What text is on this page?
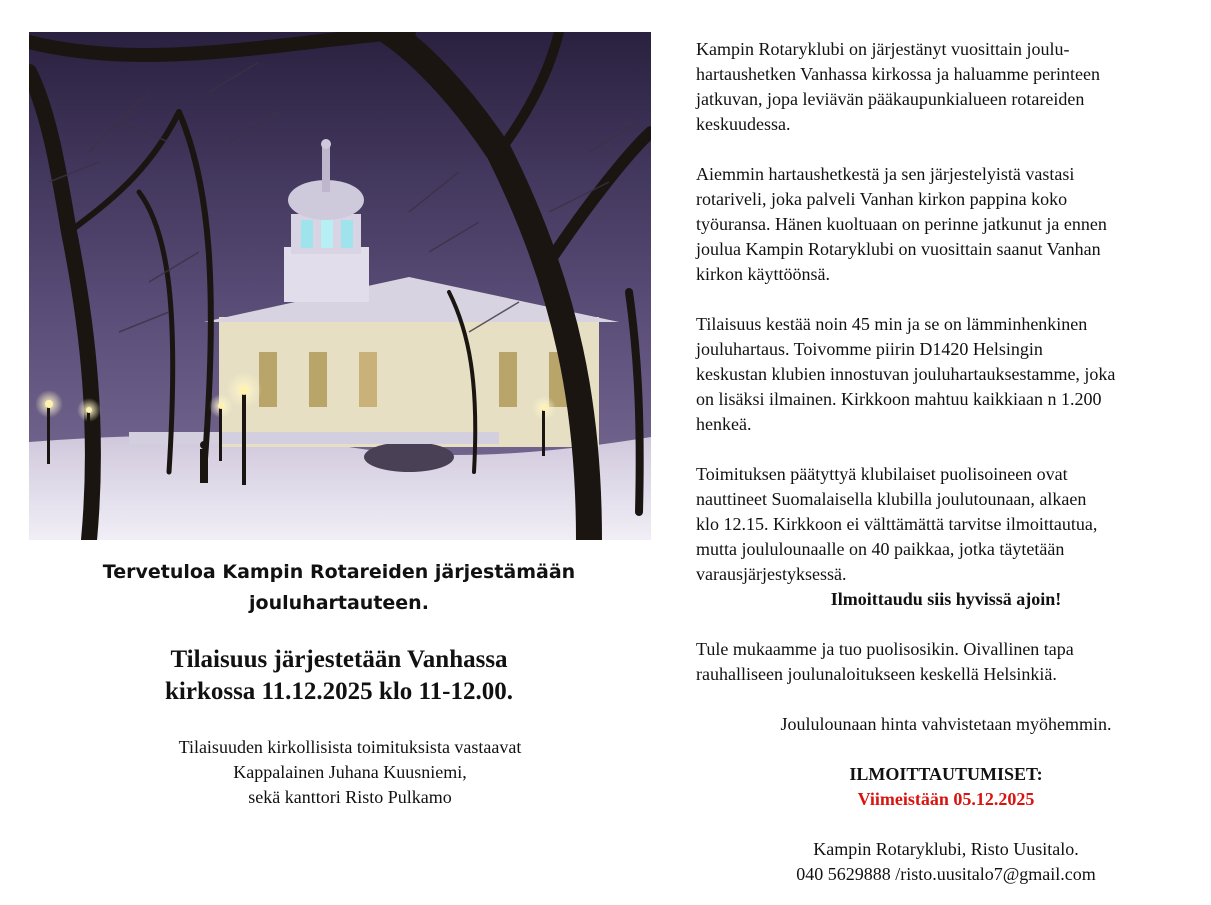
Tervetuloa Kampin Rotareiden järjestämään
jouluhartauteen.
Tilaisuus järjestetään Vanhassa
kirkossa 11.12.2025 klo 11-12.00.
Tilaisuuden kirkollisista toimituksista vastaavat
Kappalainen Juhana Kuusniemi,
sekä kanttori Risto Pulkamo

Kampin Rotaryklubi on järjestänyt vuosittain joulu-
hartaushetken Vanhassa kirkossa ja haluamme perinteen
jatkuvan, jopa leviävän pääkaupunkialueen rotareiden
keskuudessa.

Aiemmin hartaushetkestä ja sen järjestelyistä vastasi
rotariveli, joka palveli Vanhan kirkon pappina koko
työuransa. Hänen kuoltuaan on perinne jatkunut ja ennen
joulua Kampin Rotaryklubi on vuosittain saanut Vanhan
kirkon käyttöönsä.

Tilaisuus kestää noin 45 min ja se on lämminhenkinen
jouluhartaus. Toivomme piirin D1420 Helsingin
keskustan klubien innostuvan jouluhartauksestamme, joka
on lisäksi ilmainen. Kirkkoon mahtuu kaikkiaan n 1.200
henkeä.

Toimituksen päätyttyä klubilaiset puolisoineen ovat
nauttineet Suomalaisella klubilla joulutounaan, alkaen
klo 12.15. Kirkkoon ei välttämättä tarvitse ilmoittautua,
mutta joululounaalle on 40 paikkaa, jotka täytetään
varausjärjestyksessä.

Ilmoittaudu siis hyvissä ajoin!

Tule mukaamme ja tuo puolisosikin. Oivallinen tapa
rauhalliseen joulunaloitukseen keskellä Helsinkiä.

Joululounaan hinta vahvistetaan myöhemmin.

ILMOITTAUTUMISET:

Viimeistään 05.12.2025

Kampin Rotaryklubi, Risto Uusitalo.

040 5629888 /risto.uusitalo7@gmail.com
